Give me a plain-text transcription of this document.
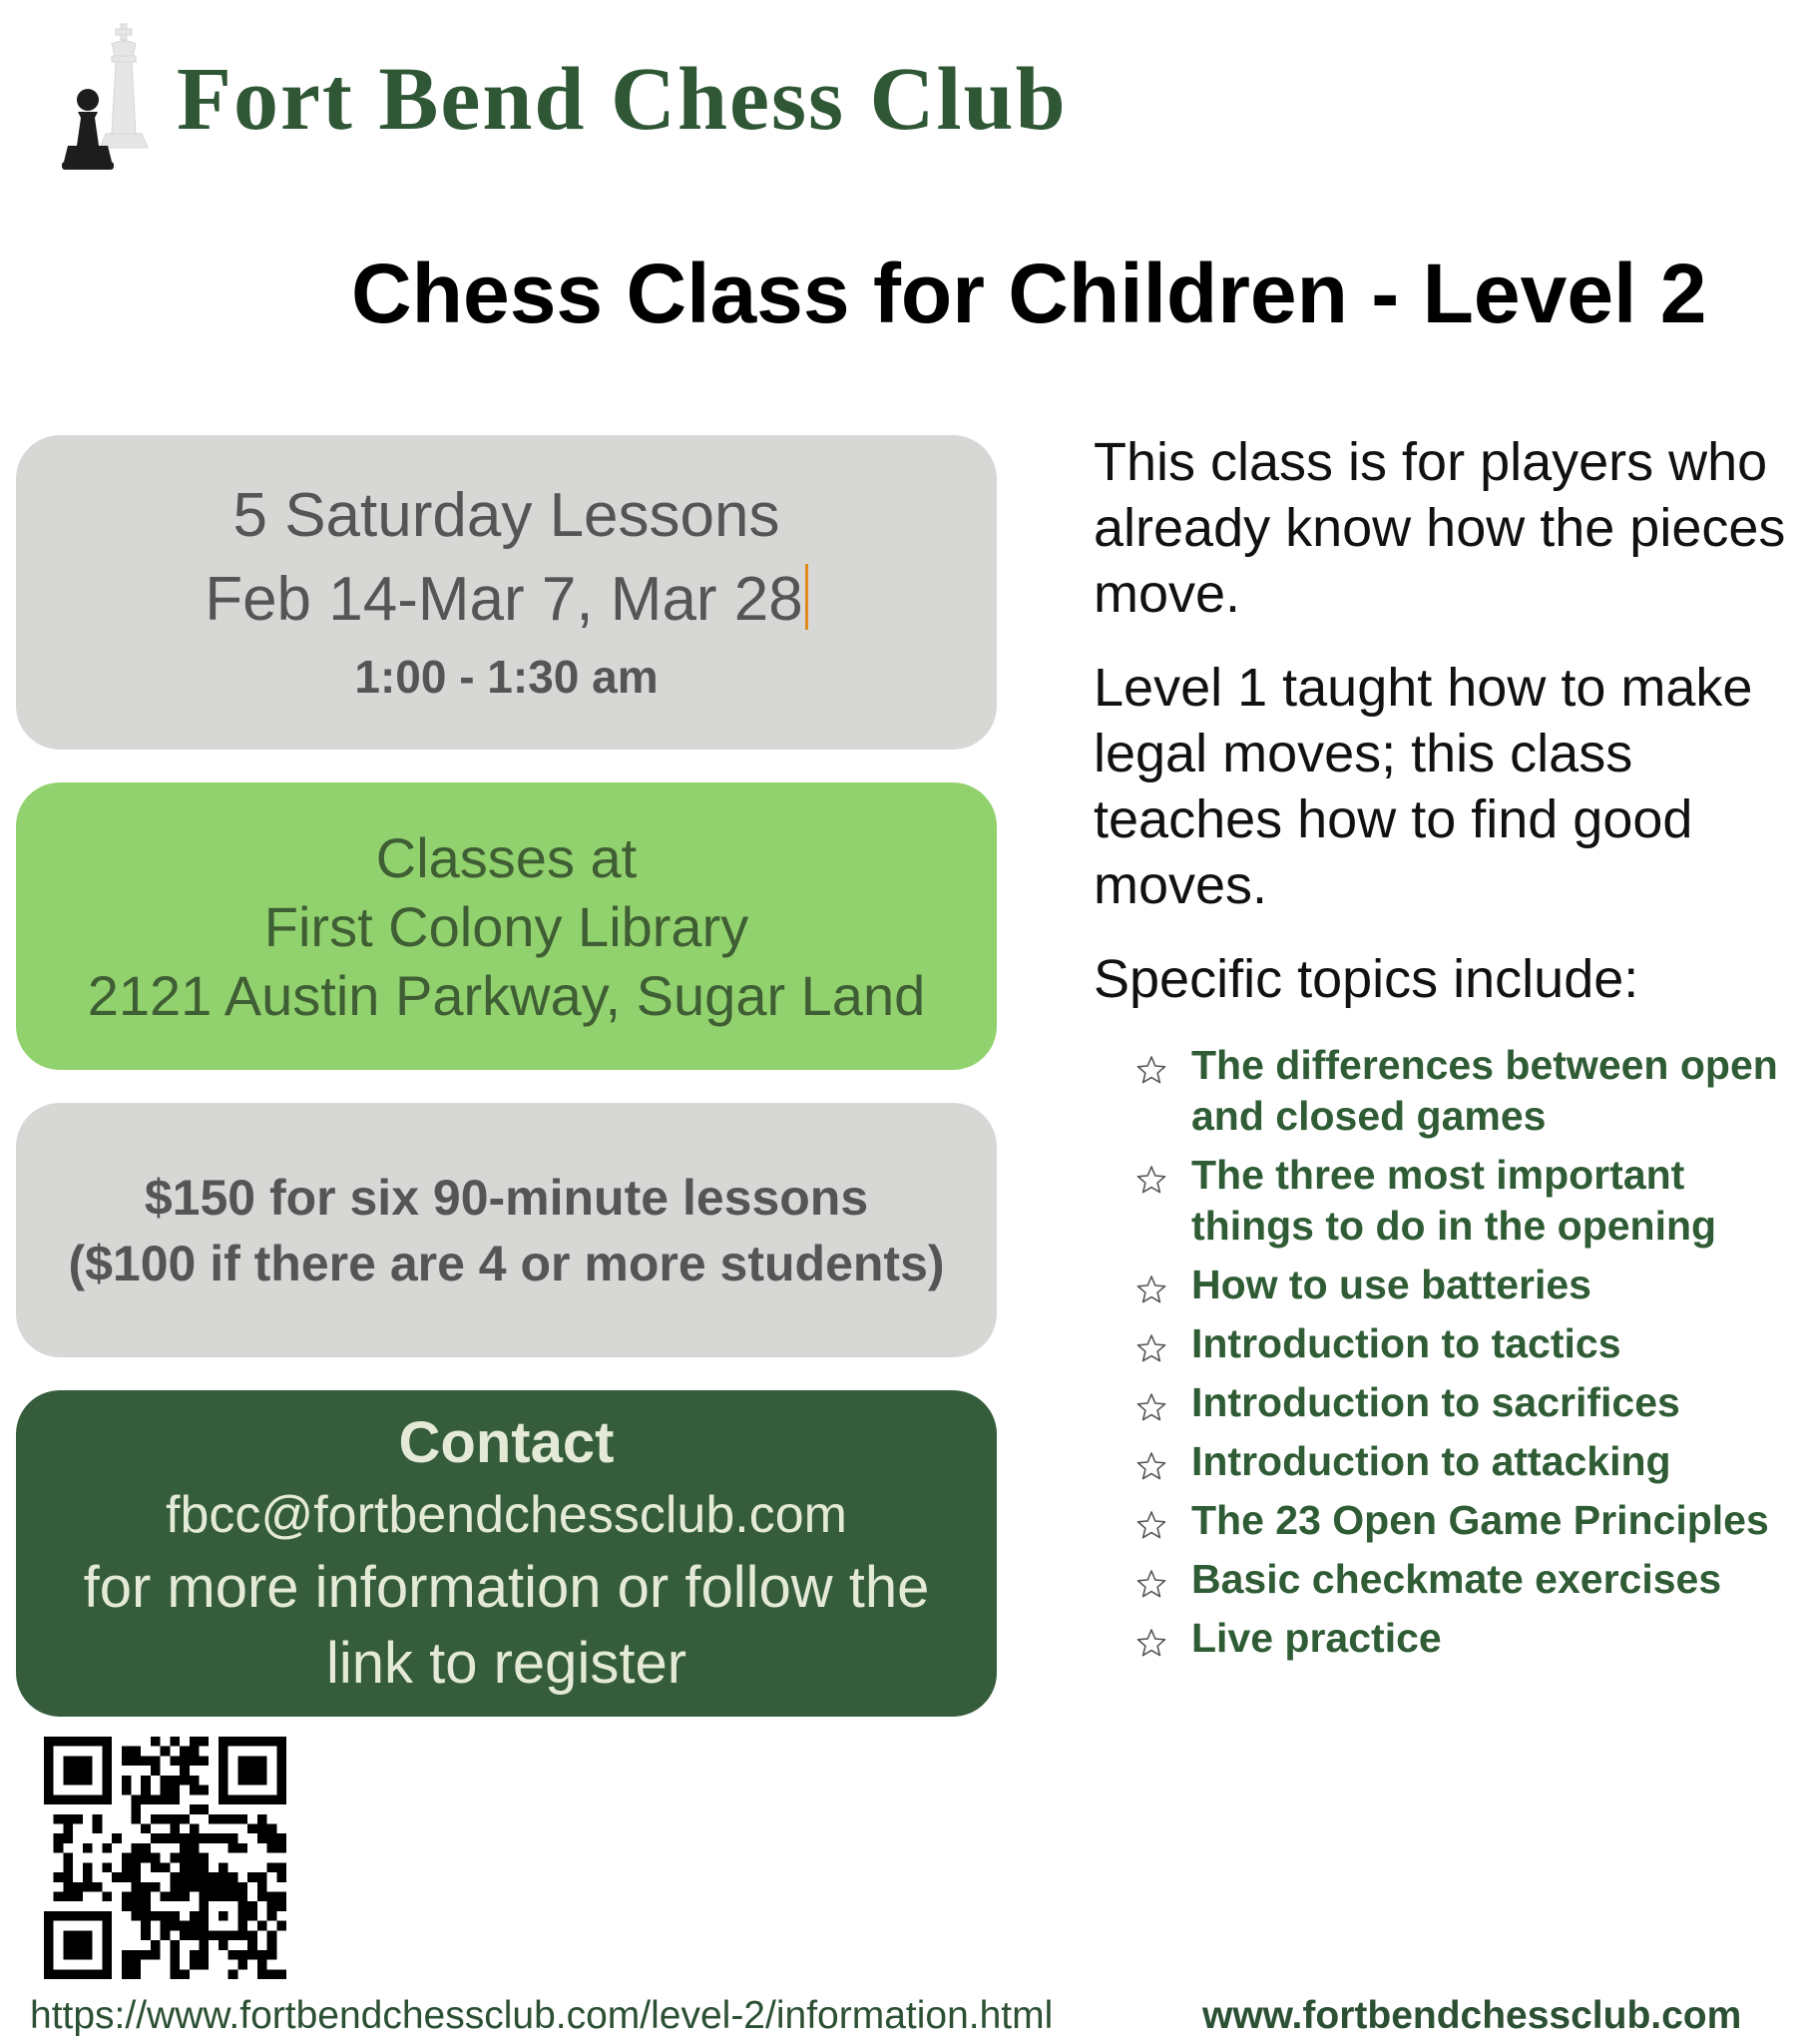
Fort Bend Chess Club
Chess Class for Children - Level 2
5 Saturday Lessons
Feb 14-Mar 7, Mar 28
1:00 - 1:30 am
Classes at
First Colony Library
2121 Austin Parkway, Sugar Land
$150 for six 90-minute lessons
($100 if there are 4 or more students)
Contact
fbcc@fortbendchessclub.com
for more information or follow the
link to register

This class is for players who already know how the pieces move.

Level 1 taught how to make legal moves; this class teaches how to find good moves.

Specific topics include:

The differences between open and closed games
The three most important things to do in the opening
How to use batteries
Introduction to tactics
Introduction to sacrifices
Introduction to attacking
The 23 Open Game Principles
Basic checkmate exercises
Live practice
https://www.fortbendchessclub.com/level-2/information.html	www.fortbendchessclub.com
